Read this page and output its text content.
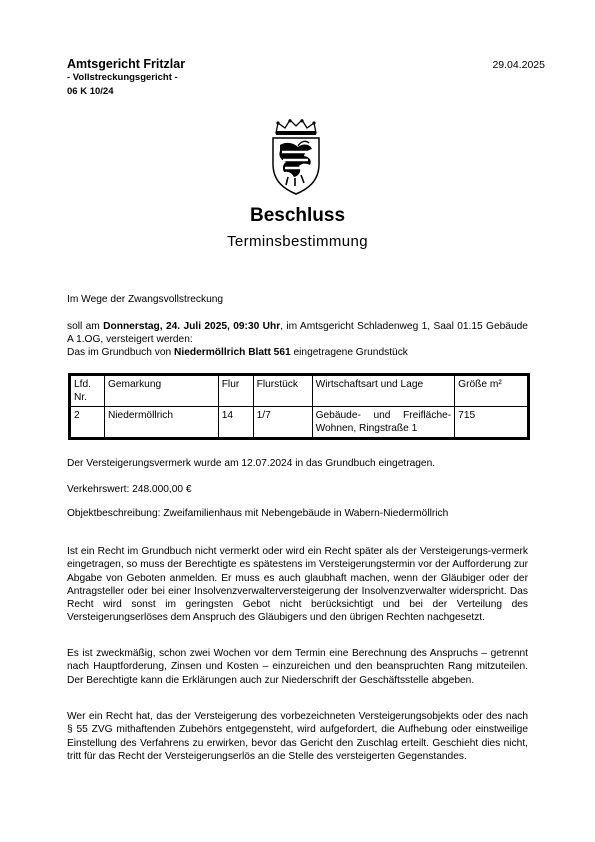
Amtsgericht Fritzlar
- Vollstreckungsgericht -
06 K 10/24
29.04.2025
Beschluss
Terminsbestimmung
Im Wege der Zwangsvollstreckung
soll am Donnerstag, 24. Juli 2025, 09:30 Uhr, im Amtsgericht Schladenweg 1, Saal 01.15 Gebäude A 1.OG, versteigert werden:
Das im Grundbuch von Niedermöllrich Blatt 561 eingetragene Grundstück
Lfd. Nr.	Gemarkung	Flur	Flurstück	Wirtschaftsart und Lage	Größe m²
2	Niedermöllrich	14	1/7	Gebäude- und Freifläche- Wohnen, Ringstraße 1	715
Der Versteigerungsvermerk wurde am 12.07.2024 in das Grundbuch eingetragen.
Verkehrswert: 248.000,00 €
Objektbeschreibung: Zweifamilienhaus mit Nebengebäude in Wabern-Niedermöllrich
Ist ein Recht im Grundbuch nicht vermerkt oder wird ein Recht später als der Versteigerungs-vermerk eingetragen, so muss der Berechtigte es spätestens im Versteigerungstermin vor der Aufforderung zur Abgabe von Geboten anmelden. Er muss es auch glaubhaft machen, wenn der Gläubiger oder der Antragsteller oder bei einer Insolvenzverwalterversteigerung der Insolvenzverwalter widerspricht. Das Recht wird sonst im geringsten Gebot nicht berücksichtigt und bei der Verteilung des Versteigerungserlöses dem Anspruch des Gläubigers und den übrigen Rechten nachgesetzt.
Es ist zweckmäßig, schon zwei Wochen vor dem Termin eine Berechnung des Anspruchs – getrennt nach Hauptforderung, Zinsen und Kosten – einzureichen und den beanspruchten Rang mitzuteilen. Der Berechtigte kann die Erklärungen auch zur Niederschrift der Geschäftsstelle abgeben.
Wer ein Recht hat, das der Versteigerung des vorbezeichneten Versteigerungsobjekts oder des nach § 55 ZVG mithaftenden Zubehörs entgegensteht, wird aufgefordert, die Aufhebung oder einstweilige Einstellung des Verfahrens zu erwirken, bevor das Gericht den Zuschlag erteilt. Geschieht dies nicht, tritt für das Recht der Versteigerungserlös an die Stelle des versteigerten Gegenstandes.
